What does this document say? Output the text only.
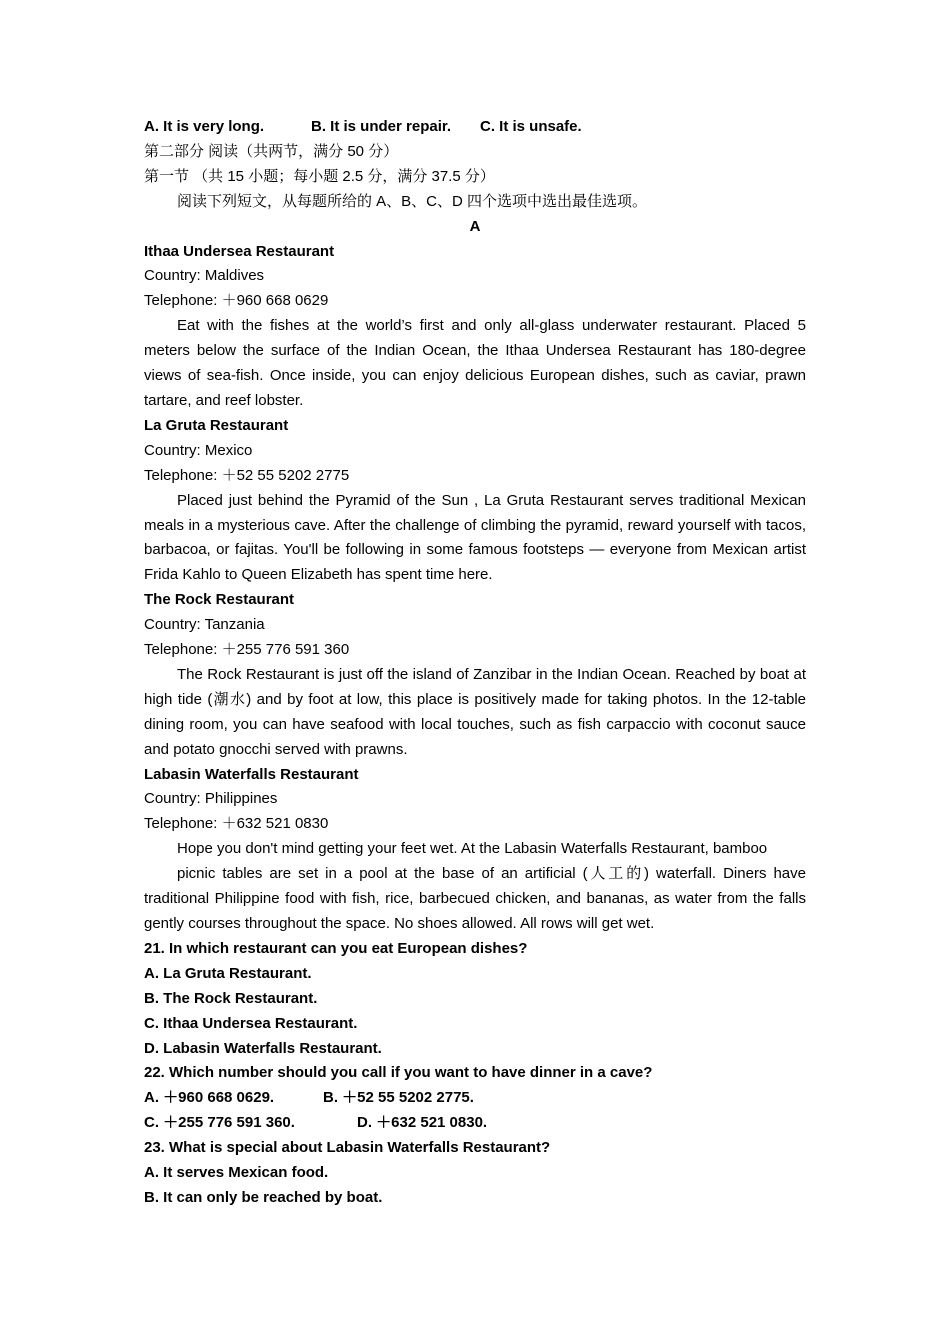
A. It is very long.	B. It is under repair.	C. It is unsafe.
第二部分 阅读（共两节，满分 50 分）
第一节 （共 15 小题；每小题 2.5 分，满分 37.5 分）
阅读下列短文，从每题所给的 A、B、C、D 四个选项中选出最佳选项。
A
Ithaa Undersea Restaurant
Country: Maldives
Telephone: ＋960 668 0629
Eat with the fishes at the world’s first and only all-glass underwater restaurant. Placed 5 meters below the surface of the Indian Ocean, the Ithaa Undersea Restaurant has 180-degree views of sea-fish. Once inside, you can enjoy delicious European dishes, such as caviar, prawn tartare, and reef lobster.
La Gruta Restaurant
Country: Mexico
Telephone: ＋52 55 5202 2775
Placed just behind the Pyramid of the Sun , La Gruta Restaurant serves traditional Mexican meals in a mysterious cave. After the challenge of climbing the pyramid, reward yourself with tacos, barbacoa, or fajitas. You'll be following in some famous footsteps — everyone from Mexican artist Frida Kahlo to Queen Elizabeth has spent time here.
The Rock Restaurant
Country: Tanzania
Telephone: ＋255 776 591 360
The Rock Restaurant is just off the island of Zanzibar in the Indian Ocean. Reached by boat at high tide (潮水) and by foot at low, this place is positively made for taking photos. In the 12-table dining room, you can have seafood with local touches, such as fish carpaccio with coconut sauce and potato gnocchi served with prawns.
Labasin Waterfalls Restaurant
Country: Philippines
Telephone: ＋632 521 0830
Hope you don't mind getting your feet wet. At the Labasin Waterfalls Restaurant, bamboo
picnic tables are set in a pool at the base of an artificial (人工的) waterfall. Diners have traditional Philippine food with fish, rice, barbecued chicken, and bananas, as water from the falls gently courses throughout the space. No shoes allowed. All rows will get wet.
21. In which restaurant can you eat European dishes?
A. La Gruta Restaurant.
B. The Rock Restaurant.
C. Ithaa Undersea Restaurant.
D. Labasin Waterfalls Restaurant.
22. Which number should you call if you want to have dinner in a cave?
A. ＋960 668 0629.	B. ＋52 55 5202 2775.
C. ＋255 776 591 360.	D. ＋632 521 0830.
23. What is special about Labasin Waterfalls Restaurant?
A. It serves Mexican food.
B. It can only be reached by boat.
